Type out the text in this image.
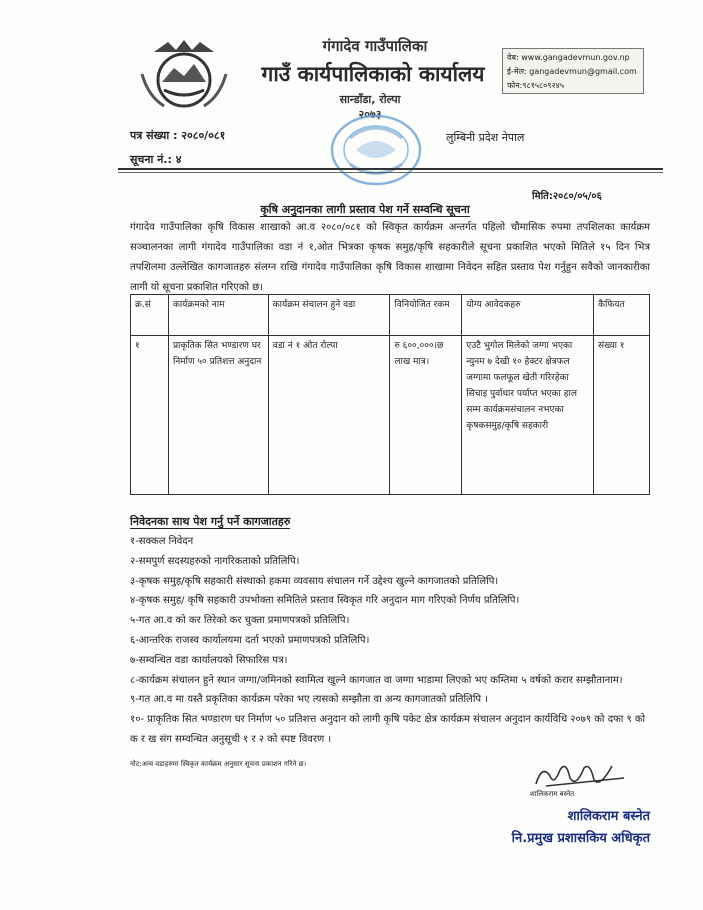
गंगादेव गाउँपालिका
गाउँ कार्यपालिकाको कार्यालय
सान्डाँडा, रोल्पा
२०७३
वेब: www.gangadevmun.gov.np
ई-मेल: gangadevmun@gmail.com
फोन:९८१५८०९२४५
पत्र संख्या : २०८०/०८१
सूचना नं.: ४
लुम्बिनी प्रदेश नेपाल
मिति:२०८०/०५/०६
कृषि अनुदानका लागी प्रस्ताव पेश गर्ने सम्वन्धि सूचना
गंगादेव गाउँपालिका कृषि विकास शाखाको आ.व २०८०/०८१ को स्विकृत कार्यक्रम अन्तर्गत पहिलो चौमासिक रुपमा तपशिलका कार्यक्रम सञ्चालनका लागी गंगादेव गाउँपालिका वडा नं १,ओत भित्रका कृषक समुह/कृषि सहकारीले सूचना प्रकाशित भएको मितिले १५ दिन भित्र तपशिलमा उल्लेखित कागजातहरु संलग्न राखि गंगादेव गाउँपालिका कृषि विकास शाखामा निवेदन सहित प्रस्ताव पेश गर्नुहुन सवैको जानकारीका लागी यो सूचना प्रकाशित गरिएको छ।
क्र.सं	कार्यक्रमको नाम	कार्यक्रम संचालन हुने वडा	विनियोजित रकम	योग्य आवेदकहरु	कैफियत
१	प्राकृतिक सित भण्डारण घर निर्माण ५० प्रतिशत्त अनुदान	वडा नं १ ओत रोल्पा	रु ६००,०००।छ लाख मात्र।	एउटै भुगोल मिलेको जग्गा भएका न्युनम ७ देखी १० हेक्टर क्षेत्रफल जग्गामा फलफूल खेती गरिरहेका सिचाइ पुर्वाधार पर्याप्त भएका हाल सम्म कार्यक्रमसंचालन नभएका कृषकसमुह/कृषि सहकारी	संख्या १
निवेदनका साथ पेश गर्नु पर्ने कागजातहरु
१-सक्कल निवेदन
२-समपुर्ण सदस्यहरुको नागरिकताको प्रतिलिपि।
३-कृषक समुह/कृषि सहकारी संस्थाको हकमा व्यवसाय संचालन गर्ने उद्देश्य खुल्ने कागजातको प्रतिलिपि।
४-कृषक समुह/ कृषि सहकारी उपभोक्ता समितिले प्रस्ताव स्विकृत गरि अनुदान माग गरिएको निर्णय प्रतिलिपि।
५-गत आ.व को कर तिरेको कर चुक्ता प्रमाणपत्रको प्रतिलिपि।
६-आन्तरिक राजस्व कार्यालयमा दर्ता भएको प्रमाणपत्रको प्रतिलिपि।
७-सम्वन्धित वडा कार्यालयको सिफारिस पत्र।
८-कार्यक्रम संचालन हुने स्थान जग्गा/जमिनको स्वामित्व खुल्ने कागजात वा जग्गा भाडामा लिएको भए कम्तिमा ५ वर्षको करार सम्झौतानाम।
९-गत आ.व मा यस्तै प्रकृतिका कार्यक्रम परेका भए त्यसको सम्झौता वा अन्य कागजातको प्रतिलिपि ।
१०- प्राकृतिक सित भण्डारण घर निर्माण ५० प्रतिशत्त अनुदान को लागी कृषि पकेट क्षेत्र कार्यक्रम संचालन अनुदान कार्यविधि २०७९ को दफा ९ को क र ख संग सम्वन्धित अनुसूची १ र २ को स्पष्ट विवरण ।
नोट:अन्य वडाहरुमा स्विकृत कार्यक्रम अनुसार सूचना प्रकाशन गरिने छ।
शालिकराम बस्नेत
शालिकराम बस्नेत
नि.प्रमुख प्रशासकिय अधिकृत
